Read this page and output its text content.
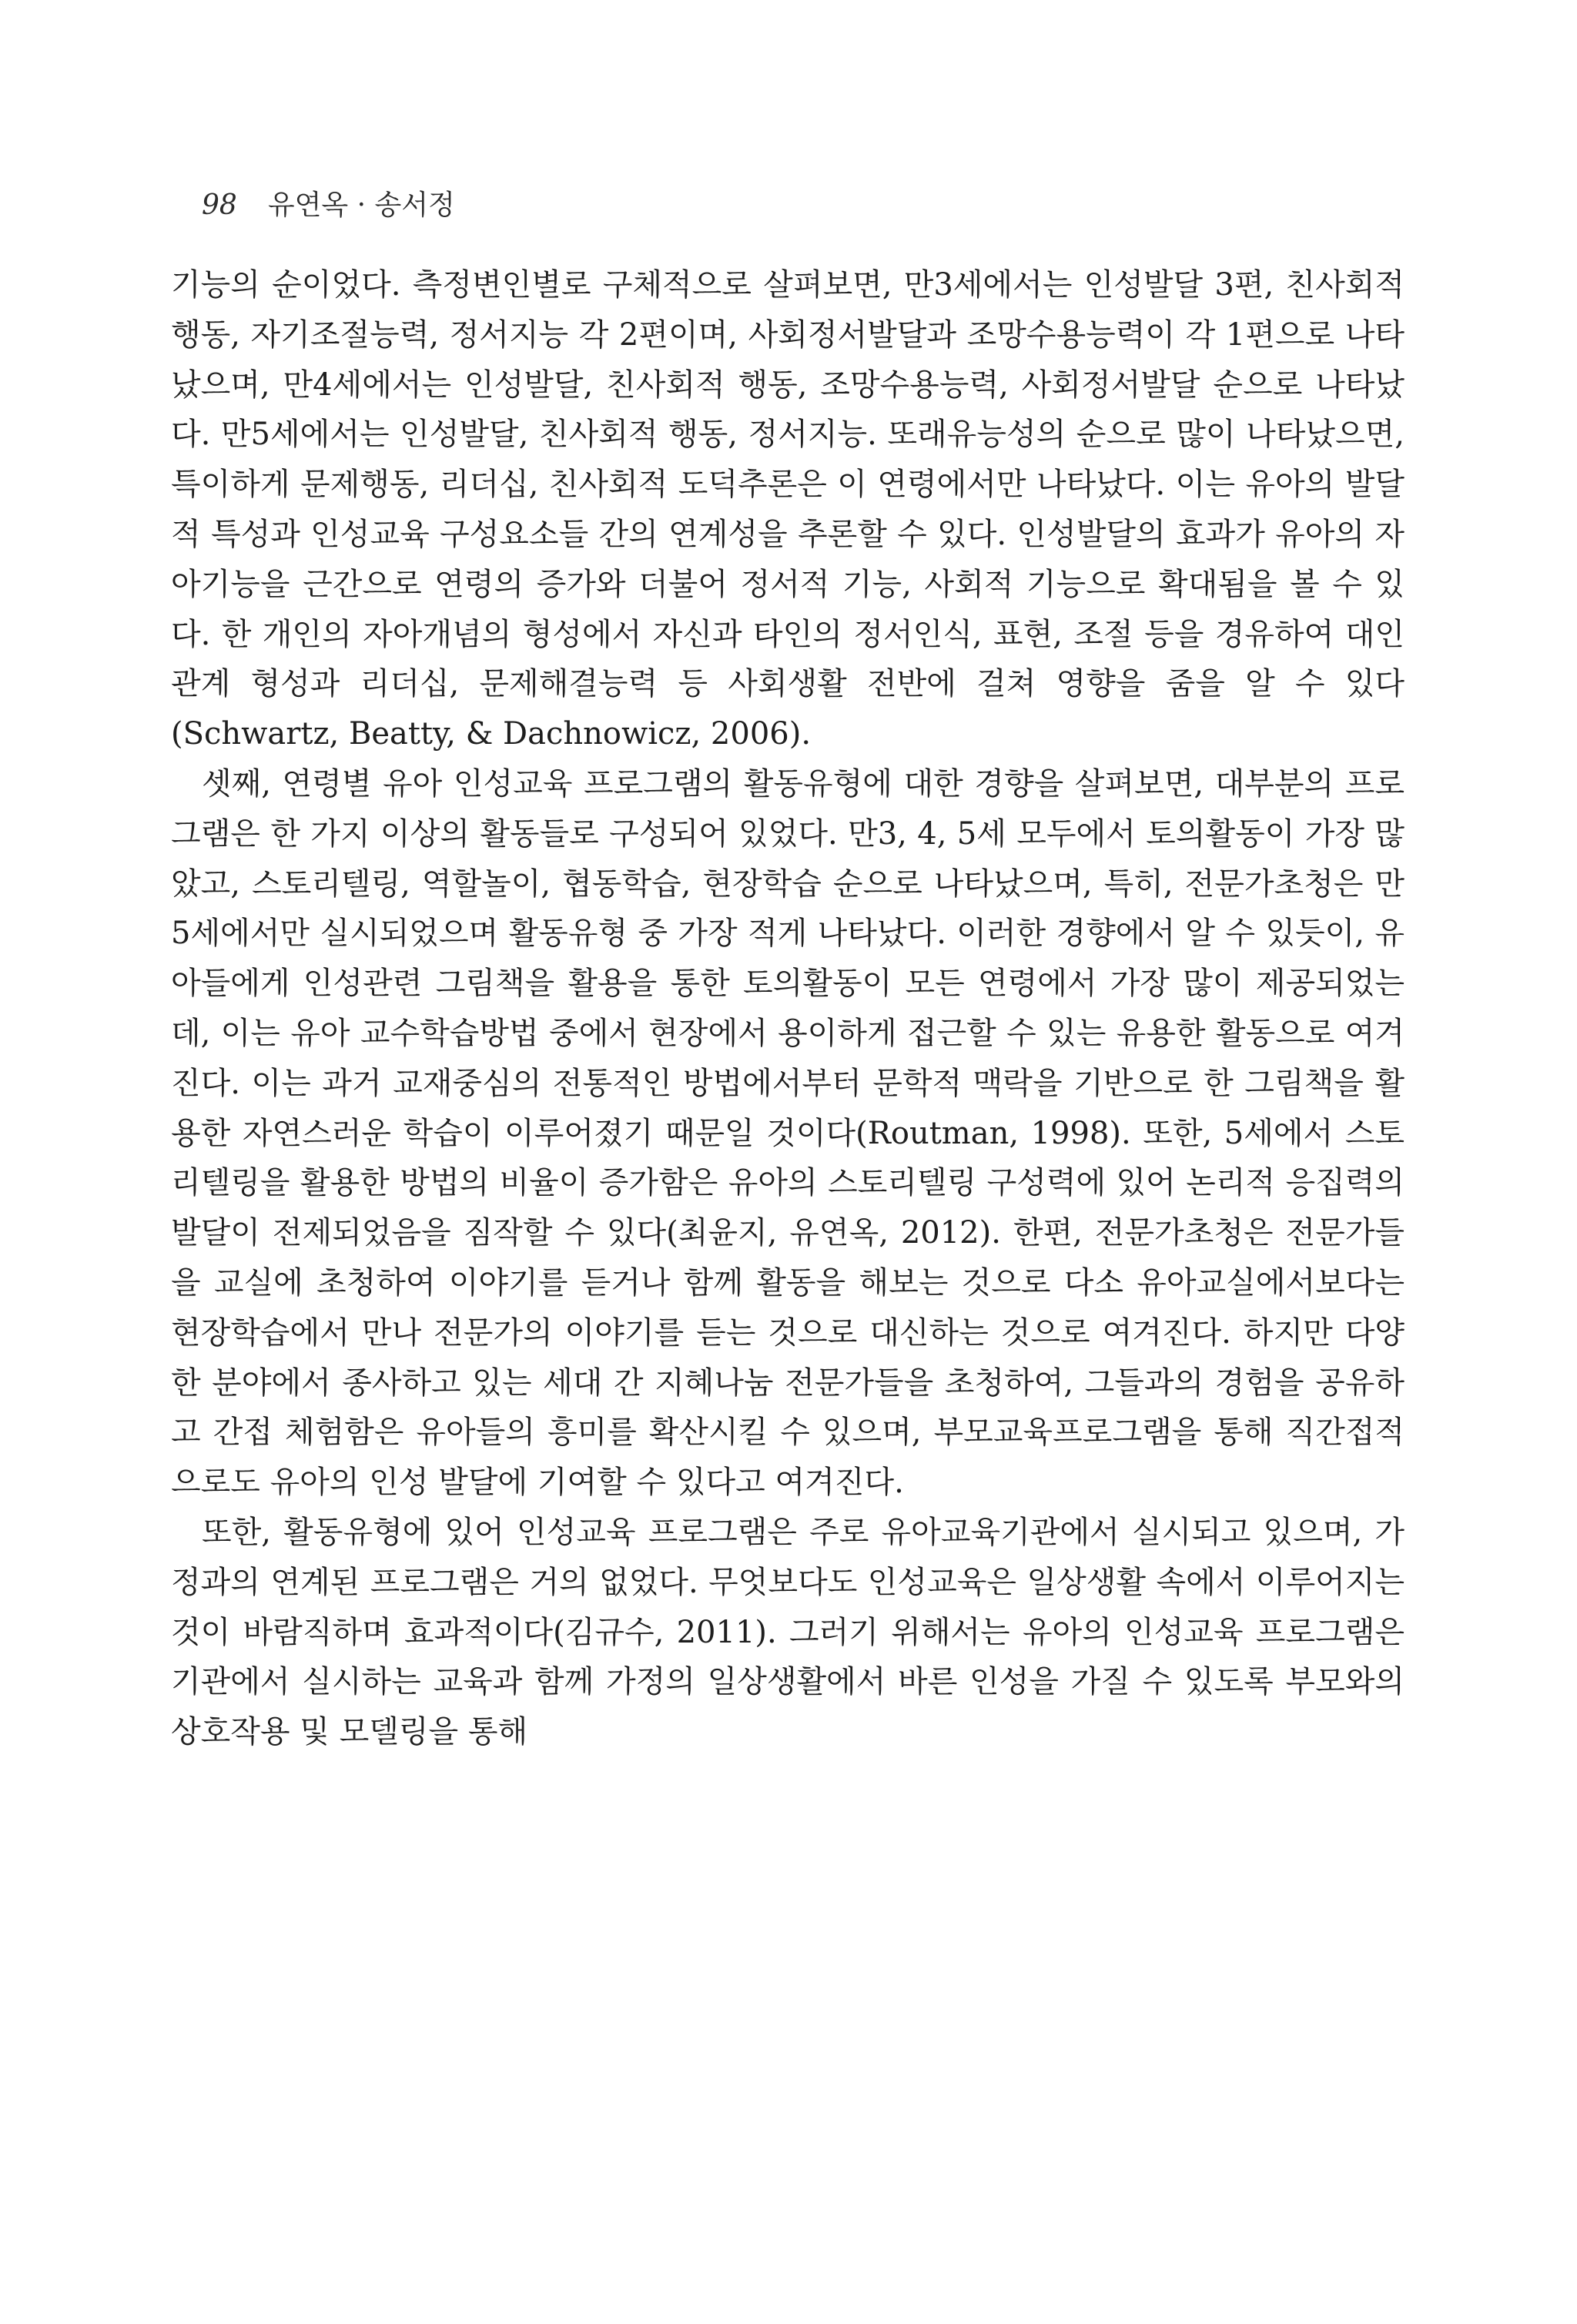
98 유연옥 · 송서정

기능의 순이었다. 측정변인별로 구체적으로 살펴보면, 만3세에서는 인성발달 3편, 친사회적 행동, 자기조절능력, 정서지능 각 2편이며, 사회정서발달과 조망수용능력이 각 1편으로 나타났으며, 만4세에서는 인성발달, 친사회적 행동, 조망수용능력, 사회정서발달 순으로 나타났다. 만5세에서는 인성발달, 친사회적 행동, 정서지능. 또래유능성의 순으로 많이 나타났으면, 특이하게 문제행동, 리더십, 친사회적 도덕추론은 이 연령에서만 나타났다. 이는 유아의 발달적 특성과 인성교육 구성요소들 간의 연계성을 추론할 수 있다. 인성발달의 효과가 유아의 자아기능을 근간으로 연령의 증가와 더불어 정서적 기능, 사회적 기능으로 확대됨을 볼 수 있다. 한 개인의 자아개념의 형성에서 자신과 타인의 정서인식, 표현, 조절 등을 경유하여 대인관계 형성과 리더십, 문제해결능력 등 사회생활 전반에 걸쳐 영향을 줌을 알 수 있다(Schwartz, Beatty, & Dachnowicz, 2006).

셋째, 연령별 유아 인성교육 프로그램의 활동유형에 대한 경향을 살펴보면, 대부분의 프로그램은 한 가지 이상의 활동들로 구성되어 있었다. 만3, 4, 5세 모두에서 토의활동이 가장 많았고, 스토리텔링, 역할놀이, 협동학습, 현장학습 순으로 나타났으며, 특히, 전문가초청은 만5세에서만 실시되었으며 활동유형 중 가장 적게 나타났다. 이러한 경향에서 알 수 있듯이, 유아들에게 인성관련 그림책을 활용을 통한 토의활동이 모든 연령에서 가장 많이 제공되었는데, 이는 유아 교수학습방법 중에서 현장에서 용이하게 접근할 수 있는 유용한 활동으로 여겨진다. 이는 과거 교재중심의 전통적인 방법에서부터 문학적 맥락을 기반으로 한 그림책을 활용한 자연스러운 학습이 이루어졌기 때문일 것이다(Routman, 1998). 또한, 5세에서 스토리텔링을 활용한 방법의 비율이 증가함은 유아의 스토리텔링 구성력에 있어 논리적 응집력의 발달이 전제되었음을 짐작할 수 있다(최윤지, 유연옥, 2012). 한편, 전문가초청은 전문가들을 교실에 초청하여 이야기를 듣거나 함께 활동을 해보는 것으로 다소 유아교실에서보다는 현장학습에서 만나 전문가의 이야기를 듣는 것으로 대신하는 것으로 여겨진다. 하지만 다양한 분야에서 종사하고 있는 세대 간 지혜나눔 전문가들을 초청하여, 그들과의 경험을 공유하고 간접 체험함은 유아들의 흥미를 확산시킬 수 있으며, 부모교육프로그램을 통해 직간접적으로도 유아의 인성 발달에 기여할 수 있다고 여겨진다.

또한, 활동유형에 있어 인성교육 프로그램은 주로 유아교육기관에서 실시되고 있으며, 가정과의 연계된 프로그램은 거의 없었다. 무엇보다도 인성교육은 일상생활 속에서 이루어지는 것이 바람직하며 효과적이다(김규수, 2011). 그러기 위해서는 유아의 인성교육 프로그램은 기관에서 실시하는 교육과 함께 가정의 일상생활에서 바른 인성을 가질 수 있도록 부모와의 상호작용 및 모델링을 통해
